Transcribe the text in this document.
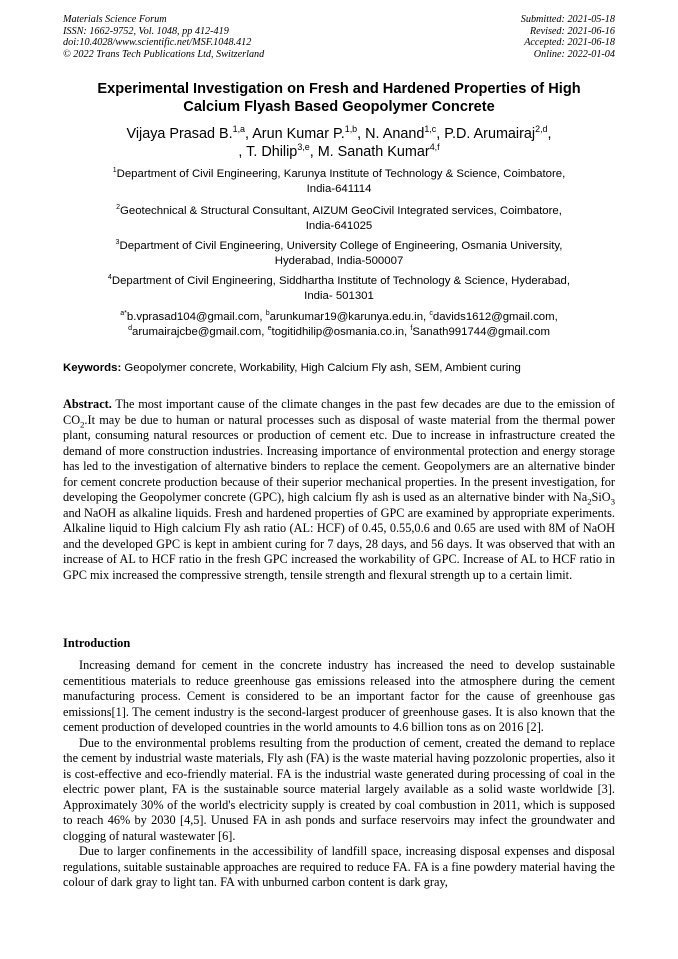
Materials Science Forum
ISSN: 1662-9752, Vol. 1048, pp 412-419
doi:10.4028/www.scientific.net/MSF.1048.412
© 2022 Trans Tech Publications Ltd, Switzerland
Submitted: 2021-05-18
Revised: 2021-06-16
Accepted: 2021-06-18
Online: 2022-01-04
Experimental Investigation on Fresh and Hardened Properties of High
Calcium Flyash Based Geopolymer Concrete
Vijaya Prasad B.$^{1,a}$, Arun Kumar P.$^{1,b}$, N. Anand$^{1,c}$, P.D. Arumairaj$^{2,d}$,
, T. Dhilip$^{3,e}$, M. Sanath Kumar$^{4,f}$
$^1$Department of Civil Engineering, Karunya Institute of Technology & Science, Coimbatore,
India-641114
$^2$Geotechnical & Structural Consultant, AIZUM GeoCivil Integrated services, Coimbatore,
India-641025
$^3$Department of Civil Engineering, University College of Engineering, Osmania University,
Hyderabad, India-500007
$^4$Department of Civil Engineering, Siddhartha Institute of Technology & Science, Hyderabad,
India- 501301
$^{a*}$b.vprasad104@gmail.com, $^b$arunkumar19@karunya.edu.in, $^c$davids1612@gmail.com,
$^d$arumairajcbe@gmail.com, $^e$togitidhilip@osmania.co.in, $^f$Sanath991744@gmail.com
Keywords: Geopolymer concrete, Workability, High Calcium Fly ash, SEM, Ambient curing
Abstract. The most important cause of the climate changes in the past few decades are due to the emission of $CO_2.It$ may be due to human or natural processes such as disposal of waste material from the thermal power plant, consuming natural resources or production of cement etc. Due to increase in infrastructure created the demand of more construction industries. Increasing importance of environmental protection and energy storage has led to the investigation of alternative binders to replace the cement. Geopolymers are an alternative binder for cement concrete production because of their superior mechanical properties. In the present investigation, for developing the Geopolymer concrete (GPC), high calcium fly ash is used as an alternative binder with $Na_2SiO_3$ and NaOH as alkaline liquids. Fresh and hardened properties of GPC are examined by appropriate experiments. Alkaline liquid to High calcium Fly ash ratio (AL: HCF) of 0.45, 0.55,0.6 and 0.65 are used with 8M of NaOH and the developed GPC is kept in ambient curing for 7 days, 28 days, and 56 days. It was observed that with an increase of AL to HCF ratio in the fresh GPC increased the workability of GPC. Increase of AL to HCF ratio in GPC mix increased the compressive strength, tensile strength and flexural strength up to a certain limit.
Introduction

Increasing demand for cement in the concrete industry has increased the need to develop sustainable cementitious materials to reduce greenhouse gas emissions released into the atmosphere during the cement manufacturing process. Cement is considered to be an important factor for the cause of greenhouse gas emissions[1]. The cement industry is the second-largest producer of greenhouse gases. It is also known that the cement production of developed countries in the world amounts to 4.6 billion tons as on 2016 [2].

Due to the environmental problems resulting from the production of cement, created the demand to replace the cement by industrial waste materials, Fly ash (FA) is the waste material having pozzolonic properties, also it is cost-effective and eco-friendly material. FA is the industrial waste generated during processing of coal in the electric power plant, FA is the sustainable source material largely available as a solid waste worldwide [3]. Approximately 30% of the world's electricity supply is created by coal combustion in 2011, which is supposed to reach 46% by 2030 [4,5]. Unused FA in ash ponds and surface reservoirs may infect the groundwater and clogging of natural wastewater [6].

Due to larger confinements in the accessibility of landfill space, increasing disposal expenses and disposal regulations, suitable sustainable approaches are required to reduce FA. FA is a fine powdery material having the colour of dark gray to light tan. FA with unburned carbon content is dark gray,
